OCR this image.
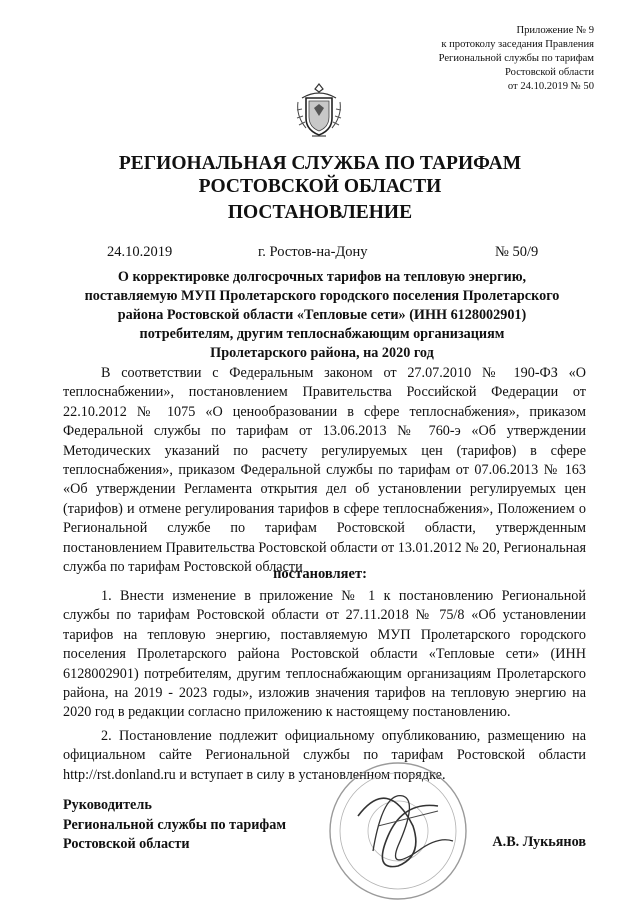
Приложение № 9
к протоколу заседания Правления
Региональной службы по тарифам
Ростовской области
от 24.10.2019 № 50
РЕГИОНАЛЬНАЯ СЛУЖБА ПО ТАРИФАМ
РОСТОВСКОЙ ОБЛАСТИ
ПОСТАНОВЛЕНИЕ
24.10.2019	г. Ростов-на-Дону	№ 50/9
О корректировке долгосрочных тарифов на тепловую энергию,
поставляемую МУП Пролетарского городского поселения Пролетарского
района Ростовской области «Тепловые сети» (ИНН 6128002901)
потребителям, другим теплоснабжающим организациям
Пролетарского района, на 2020 год

В соответствии с Федеральным законом от 27.07.2010 № 190-ФЗ «О теплоснабжении», постановлением Правительства Российской Федерации от 22.10.2012 № 1075 «О ценообразовании в сфере теплоснабжения», приказом Федеральной службы по тарифам от 13.06.2013 № 760-э «Об утверждении Методических указаний по расчету регулируемых цен (тарифов) в сфере теплоснабжения», приказом Федеральной службы по тарифам от 07.06.2013 № 163 «Об утверждении Регламента открытия дел об установлении регулируемых цен (тарифов) и отмене регулирования тарифов в сфере теплоснабжения», Положением о Региональной службе по тарифам Ростовской области, утвержденным постановлением Правительства Ростовской области от 13.01.2012 № 20, Региональная служба по тарифам Ростовской области

постановляет:

1. Внести изменение в приложение № 1 к постановлению Региональной службы по тарифам Ростовской области от 27.11.2018 № 75/8 «Об установлении тарифов на тепловую энергию, поставляемую МУП Пролетарского городского поселения Пролетарского района Ростовской области «Тепловые сети» (ИНН 6128002901) потребителям, другим теплоснабжающим организациям Пролетарского района, на 2019 - 2023 годы», изложив значения тарифов на тепловую энергию на 2020 год в редакции согласно приложению к настоящему постановлению.

2. Постановление подлежит официальному опубликованию, размещению на официальном сайте Региональной службы по тарифам Ростовской области http://rst.donland.ru и вступает в силу в установленном порядке.

Руководитель
Региональной службы по тарифам
Ростовской области	А.В. Лукьянов
